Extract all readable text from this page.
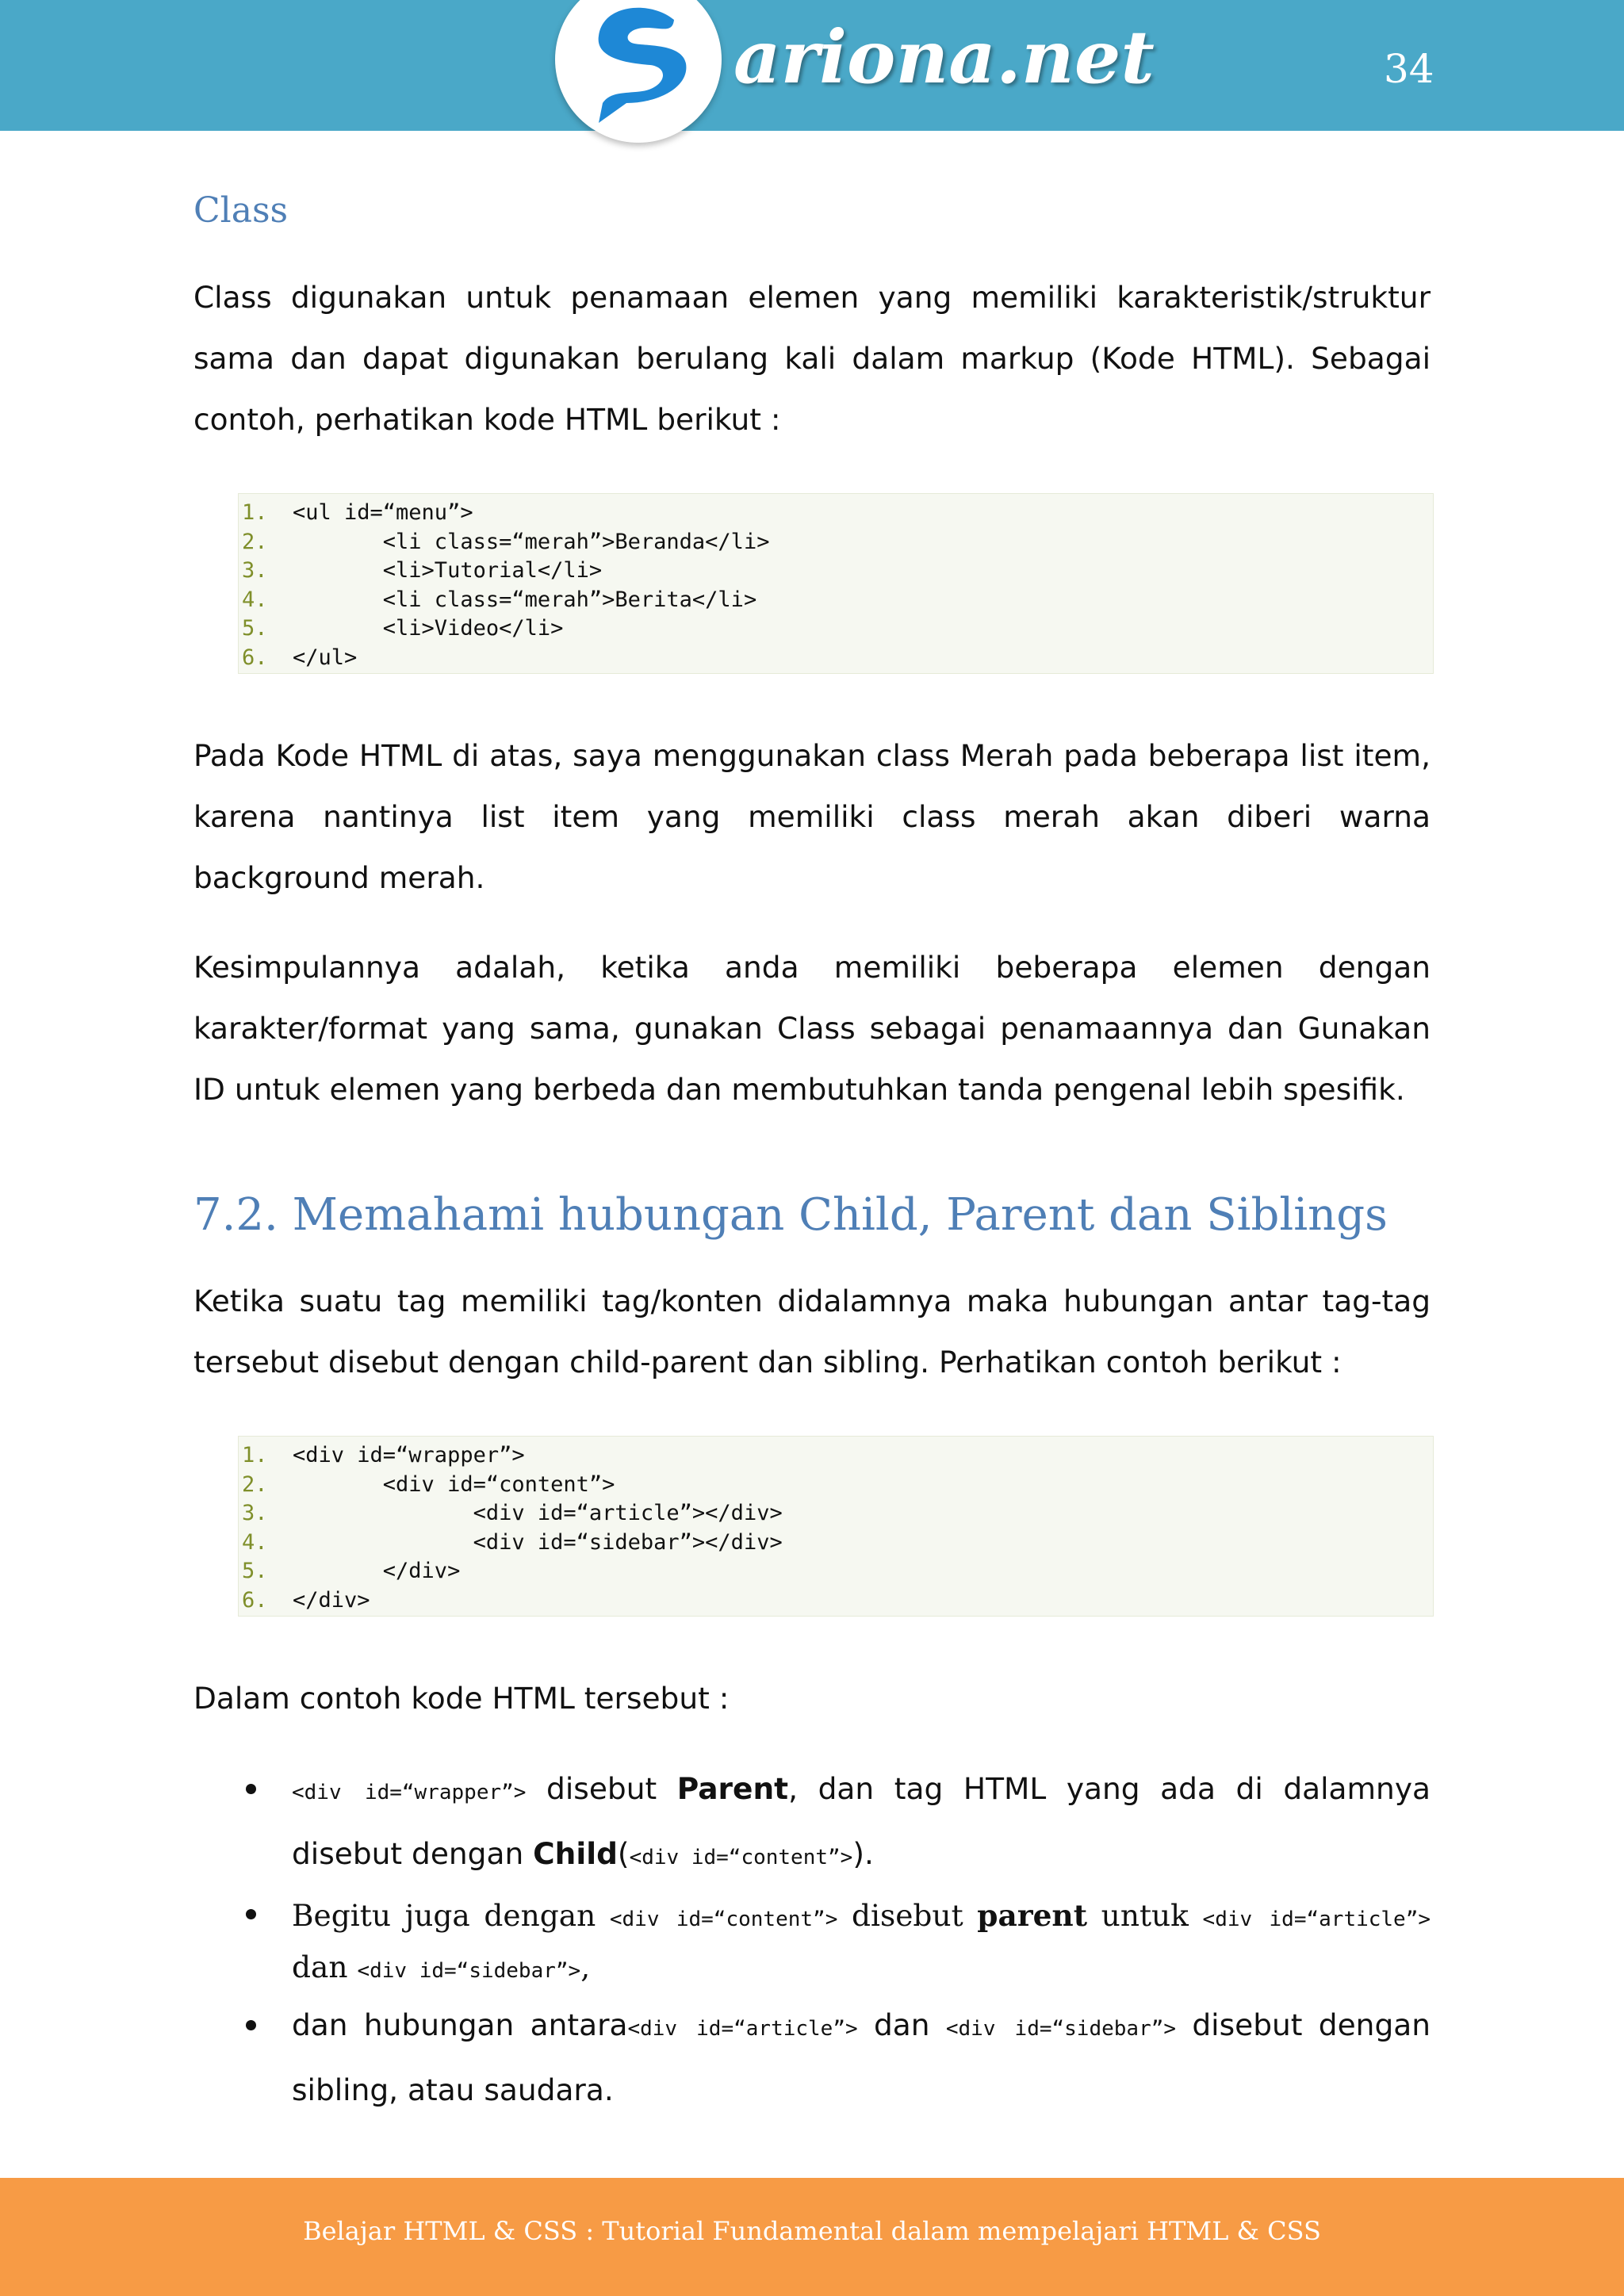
ariona.net	34
Class

Class digunakan untuk penamaan elemen yang memiliki karakteristik/struktur sama dan dapat digunakan berulang kali dalam markup (Kode HTML). Sebagai contoh, perhatikan kode HTML berikut :

1. <ul id=“menu”>
2. <li class=“merah”>Beranda</li>
3. <li>Tutorial</li>
4. <li class=“merah”>Berita</li>
5. <li>Video</li>
6. </ul>

Pada Kode HTML di atas, saya menggunakan class Merah pada beberapa list item, karena nantinya list item yang memiliki class merah akan diberi warna background merah.

Kesimpulannya adalah, ketika anda memiliki beberapa elemen dengan karakter/format yang sama, gunakan Class sebagai penamaannya dan Gunakan ID untuk elemen yang berbeda dan membutuhkan tanda pengenal lebih spesifik.

7.2. Memahami hubungan Child, Parent dan Siblings

Ketika suatu tag memiliki tag/konten didalamnya maka hubungan antar tag-tag tersebut disebut dengan child-parent dan sibling. Perhatikan contoh berikut :

1. <div id=“wrapper”>
2. <div id=“content”>
3. <div id=“article”></div>
4. <div id=“sidebar”></div>
5. </div>
6. </div>

Dalam contoh kode HTML tersebut :

<div id=“wrapper”> disebut Parent, dan tag HTML yang ada di dalamnya disebut dengan Child(<div id=“content”>).
Begitu juga dengan <div id=“content”> disebut parent untuk <div id=“article”> dan <div id=“sidebar”>,
dan hubungan antara<div id=“article”> dan <div id=“sidebar”> disebut dengan sibling, atau saudara.
Belajar HTML & CSS : Tutorial Fundamental dalam mempelajari HTML & CSS
